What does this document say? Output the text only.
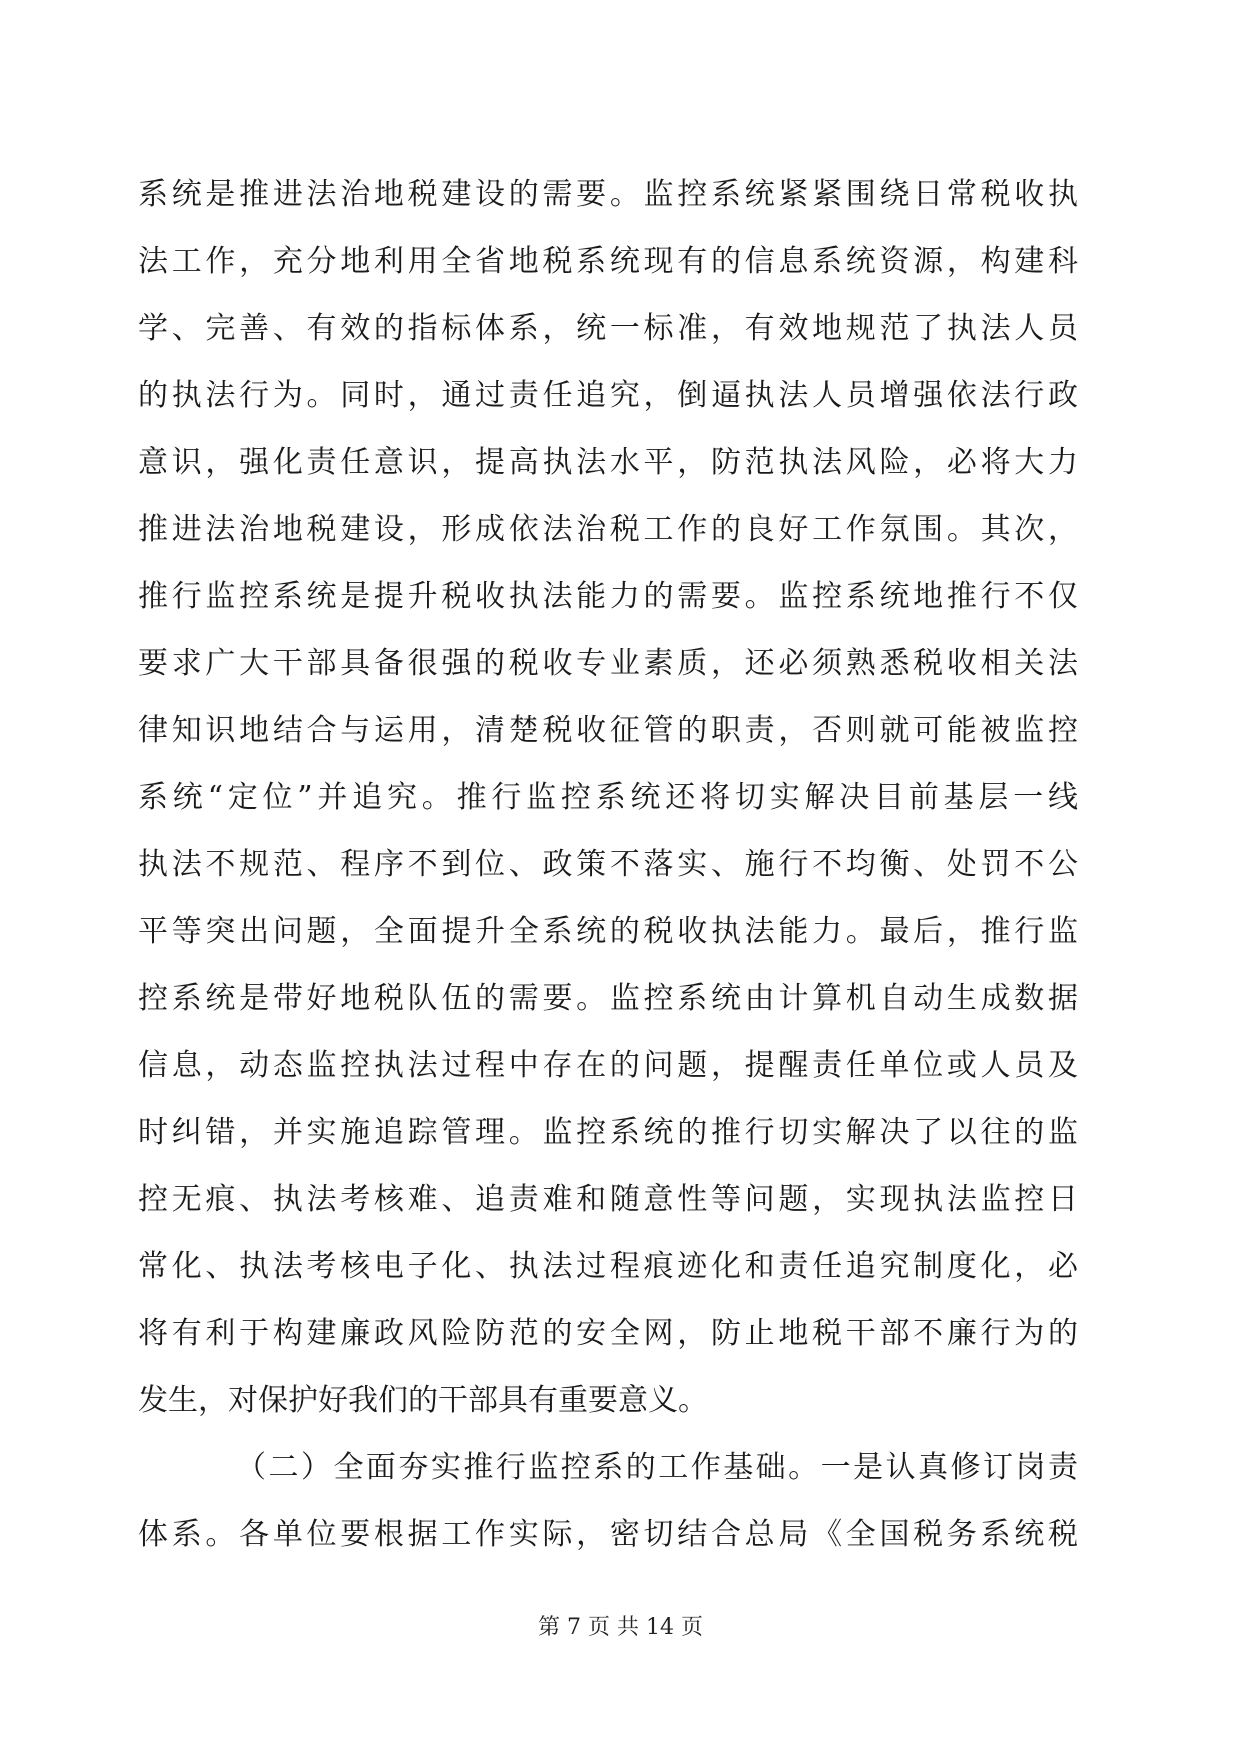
系统是推进法治地税建设的需要。监控系统紧紧围绕日常税收执
法工作，充分地利用全省地税系统现有的信息系统资源，构建科
学、完善、有效的指标体系，统一标准，有效地规范了执法人员
的执法行为。同时，通过责任追究，倒逼执法人员增强依法行政
意识，强化责任意识，提高执法水平，防范执法风险，必将大力
推进法治地税建设，形成依法治税工作的良好工作氛围。其次，
推行监控系统是提升税收执法能力的需要。监控系统地推行不仅
要求广大干部具备很强的税收专业素质，还必须熟悉税收相关法
律知识地结合与运用，清楚税收征管的职责，否则就可能被监控
系统“定位”并追究。推行监控系统还将切实解决目前基层一线
执法不规范、程序不到位、政策不落实、施行不均衡、处罚不公
平等突出问题，全面提升全系统的税收执法能力。最后，推行监
控系统是带好地税队伍的需要。监控系统由计算机自动生成数据
信息，动态监控执法过程中存在的问题，提醒责任单位或人员及
时纠错，并实施追踪管理。监控系统的推行切实解决了以往的监
控无痕、执法考核难、追责难和随意性等问题，实现执法监控日
常化、执法考核电子化、执法过程痕迹化和责任追究制度化，必
将有利于构建廉政风险防范的安全网，防止地税干部不廉行为的
发生，对保护好我们的干部具有重要意义。
（二）全面夯实推行监控系的工作基础。一是认真修订岗责
体系。各单位要根据工作实际，密切结合总局《全国税务系统税
第 7 页 共 14 页
